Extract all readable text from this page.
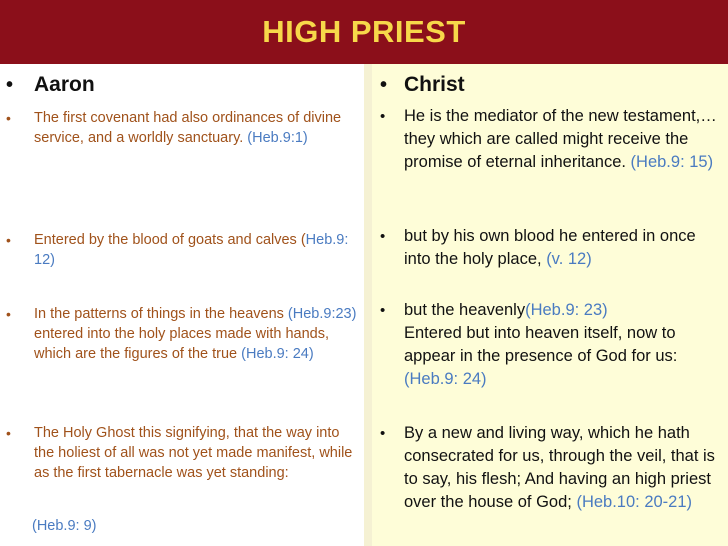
HIGH PRIEST
• Aaron
•	The first covenant had also ordinances of divine service, and a worldly sanctuary. (Heb.9:1)
•	Entered by the blood of goats and calves (Heb.9: 12)
•	In the patterns of things in the heavens (Heb.9:23) entered into the holy places made with hands, which are the figures of the true (Heb.9: 24)
•	The Holy Ghost this signifying, that the way into the holiest of all was not yet made manifest, while as the first tabernacle was yet standing:
(Heb.9: 9)
• Christ
•	He is the mediator of the new testament,… they which are called might receive the promise of eternal inheritance. (Heb.9: 15)
•	but by his own blood he entered in once into the holy place, (v. 12)
•	but the heavenly(Heb.9: 23)
Entered but into heaven itself, now to appear in the presence of God for us: (Heb.9: 24)
•	By a new and living way, which he hath consecrated for us, through the veil, that is to say, his flesh; And having an high priest over the house of God; (Heb.10: 20-21)
